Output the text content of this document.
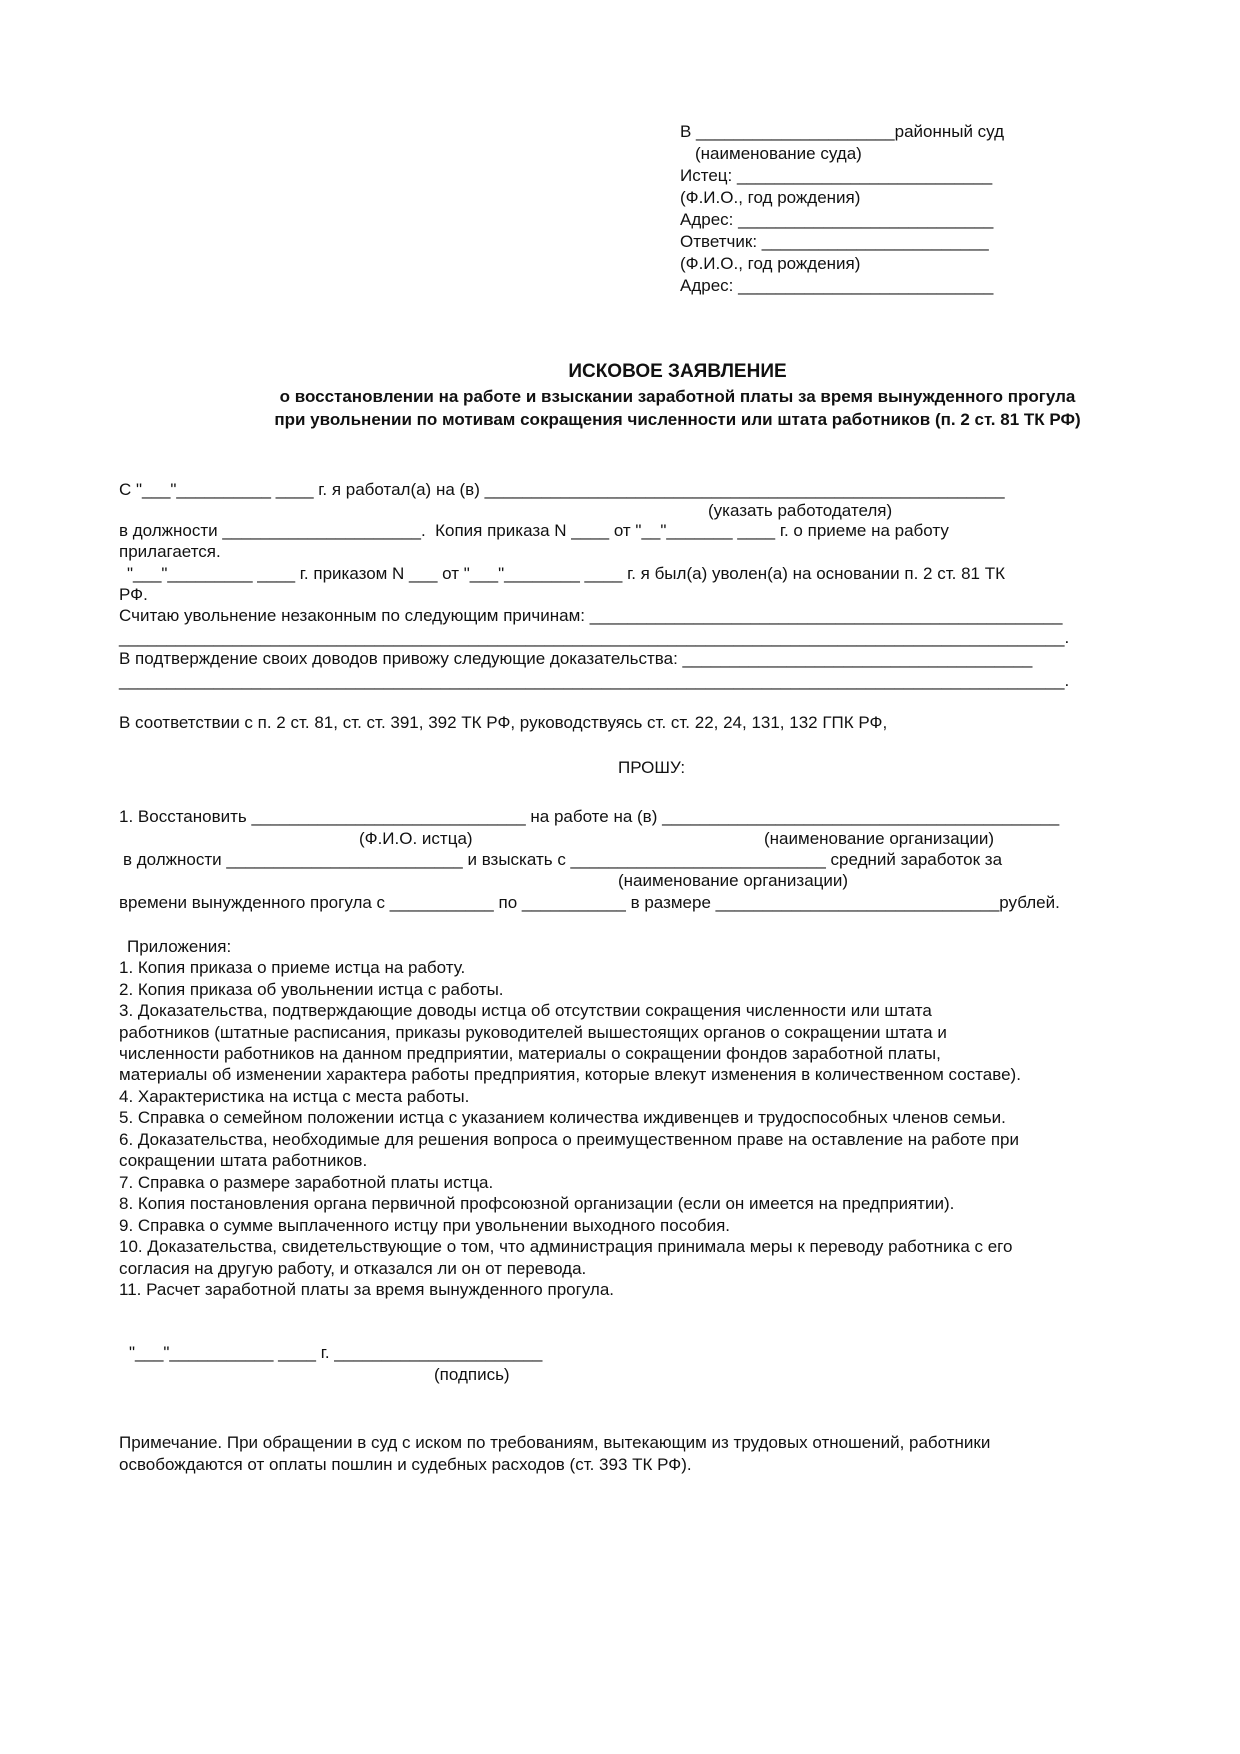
В _____________________районный суд
(наименование суда)
Истец: ___________________________
(Ф.И.О., год рождения)
Адрес: ___________________________
Ответчик: ________________________
(Ф.И.О., год рождения)
Адрес: ___________________________
ИСКОВОЕ ЗАЯВЛЕНИЕ
о восстановлении на работе и взыскании заработной платы за время вынужденного прогула
при увольнении по мотивам сокращения численности или штата работников (п. 2 ст. 81 ТК РФ)
С "___"__________ ____ г. я работал(а) на (в) _______________________________________________________
(указать работодателя)
в должности _____________________.  Копия приказа N ____ от "__"_______ ____ г. о приеме на работу
прилагается.
"___"_________ ____ г. приказом N ___ от "___"________ ____ г. я был(а) уволен(а) на основании п. 2 ст. 81 ТК
РФ.
Считаю увольнение незаконным по следующим причинам: __________________________________________________
____________________________________________________________________________________________________.
В подтверждение своих доводов привожу следующие доказательства: _____________________________________
____________________________________________________________________________________________________.
В соответствии с п. 2 ст. 81, ст. ст. 391, 392 ТК РФ, руководствуясь ст. ст. 22, 24, 131, 132 ГПК РФ,
ПРОШУ:
1. Восстановить _____________________________ на работе на (в) __________________________________________
(Ф.И.О. истца)	(наименование организации)
в должности _________________________ и взыскать с ___________________________ средний заработок за
(наименование организации)
времени вынужденного прогула с ___________ по ___________ в размере ______________________________рублей.
Приложения:
1. Копия приказа о приеме истца на работу.
2. Копия приказа об увольнении истца с работы.
3. Доказательства, подтверждающие доводы истца об отсутствии сокращения численности или штата
работников (штатные расписания, приказы руководителей вышестоящих органов о сокращении штата и
численности работников на данном предприятии, материалы о сокращении фондов заработной платы,
материалы об изменении характера работы предприятия, которые влекут изменения в количественном составе).
4. Характеристика на истца с места работы.
5. Справка о семейном положении истца с указанием количества иждивенцев и трудоспособных членов семьи.
6. Доказательства, необходимые для решения вопроса о преимущественном праве на оставление на работе при
сокращении штата работников.
7. Справка о размере заработной платы истца.
8. Копия постановления органа первичной профсоюзной организации (если он имеется на предприятии).
9. Справка о сумме выплаченного истцу при увольнении выходного пособия.
10. Доказательства, свидетельствующие о том, что администрация принимала меры к переводу работника с его
согласия на другую работу, и отказался ли он от перевода.
11. Расчет заработной платы за время вынужденного прогула.
"___"___________ ____ г. ______________________
(подпись)
Примечание. При обращении в суд с иском по требованиям, вытекающим из трудовых отношений, работники
освобождаются от оплаты пошлин и судебных расходов (ст. 393 ТК РФ).
